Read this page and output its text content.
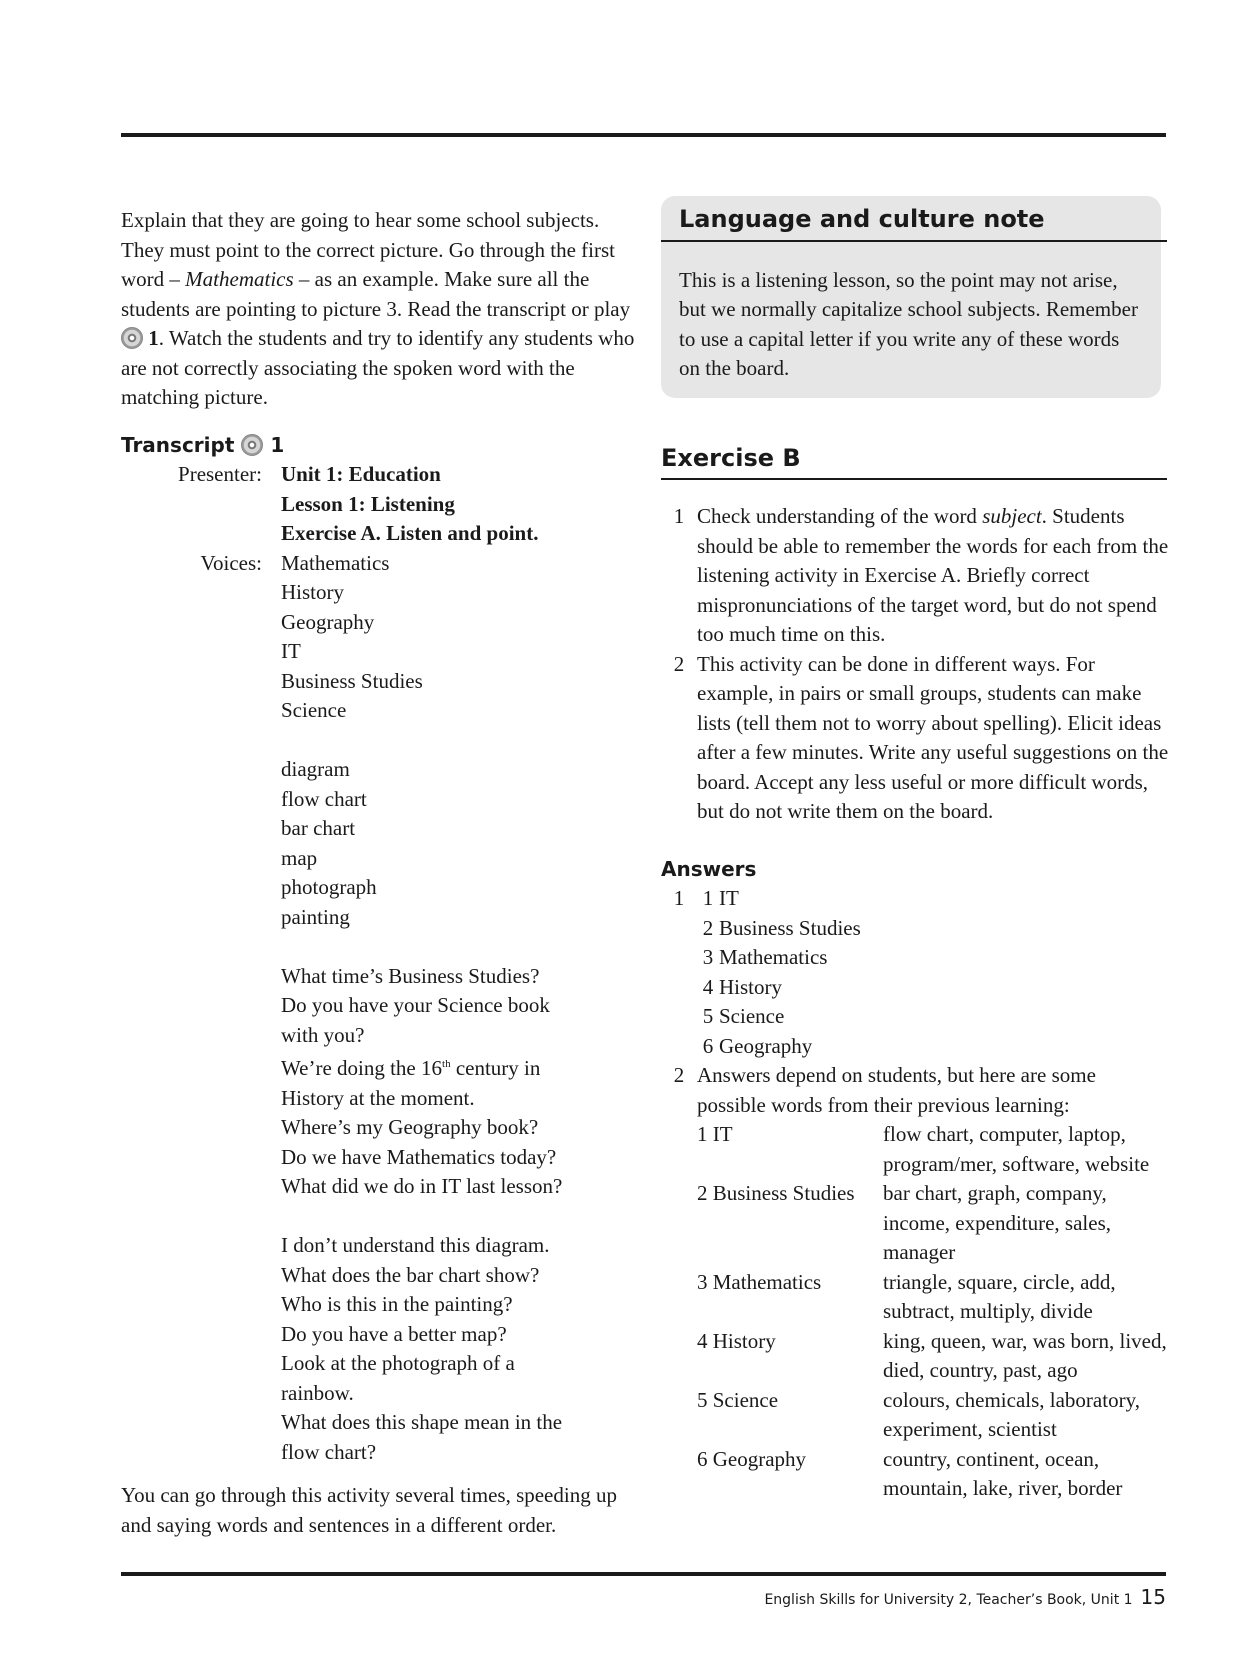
Explain that they are going to hear some school subjects. They must point to the correct picture. Go through the first word – Mathematics – as an example. Make sure all the students are pointing to picture 3. Read the transcript or play  1. Watch the students and try to identify any students who are not correctly associating the spoken word with the matching picture.

Transcript 1
Presenter: Unit 1: Education
Lesson 1: Listening
Exercise A. Listen and point.
Voices: Mathematics
History
Geography
IT
Business Studies
Science
diagram
flow chart
bar chart
map
photograph
painting
What time’s Business Studies?
Do you have your Science book
with you?
We’re doing the 16th century in
History at the moment.
Where’s my Geography book?
Do we have Mathematics today?
What did we do in IT last lesson?
I don’t understand this diagram.
What does the bar chart show?
Who is this in the painting?
Do you have a better map?
Look at the photograph of a
rainbow.
What does this shape mean in the
flow chart?

You can go through this activity several times, speeding up and saying words and sentences in a different order.

Language and culture note
This is a listening lesson, so the point may not arise, but we normally capitalize school subjects. Remember to use a capital letter if you write any of these words on the board.
Exercise B
1 Check understanding of the word subject. Students should be able to remember the words for each from the listening activity in Exercise A. Briefly correct mispronunciations of the target word, but do not spend too much time on this.
2 This activity can be done in different ways. For example, in pairs or small groups, students can make lists (tell them not to worry about spelling). Elicit ideas after a few minutes. Write any useful suggestions on the board. Accept any less useful or more difficult words, but do not write them on the board.
Answers
1 1 IT
2 Business Studies
3 Mathematics
4 History
5 Science
6 Geography
2 Answers depend on students, but here are some possible words from their previous learning:
1 IT	flow chart, computer, laptop, program/mer, software, website
2 Business Studies	bar chart, graph, company, income, expenditure, sales, manager
3 Mathematics	triangle, square, circle, add, subtract, multiply, divide
4 History	king, queen, war, was born, lived, died, country, past, ago
5 Science	colours, chemicals, laboratory, experiment, scientist
6 Geography	country, continent, ocean, mountain, lake, river, border
English Skills for University 2, Teacher’s Book, Unit 1 15
